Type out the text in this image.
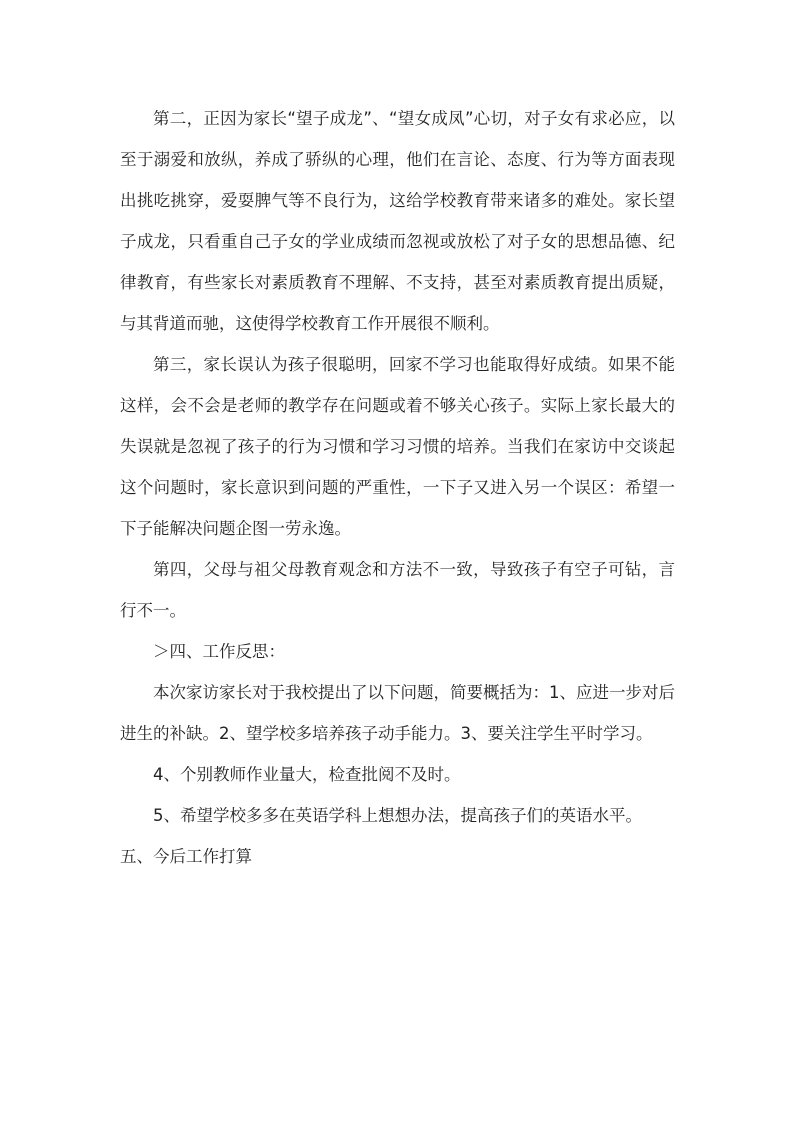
第二，正因为家长“望子成龙”、“望女成凤”心切，对子女有求必应，以至于溺爱和放纵，养成了骄纵的心理，他们在言论、态度、行为等方面表现出挑吃挑穿，爱耍脾气等不良行为，这给学校教育带来诸多的难处。家长望子成龙，只看重自己子女的学业成绩而忽视或放松了对子女的思想品德、纪律教育，有些家长对素质教育不理解、不支持，甚至对素质教育提出质疑，与其背道而驰，这使得学校教育工作开展很不顺利。

第三，家长误认为孩子很聪明，回家不学习也能取得好成绩。如果不能这样，会不会是老师的教学存在问题或着不够关心孩子。实际上家长最大的失误就是忽视了孩子的行为习惯和学习习惯的培养。当我们在家访中交谈起这个问题时，家长意识到问题的严重性，一下子又进入另一个误区：希望一下子能解决问题企图一劳永逸。

第四，父母与祖父母教育观念和方法不一致，导致孩子有空子可钻，言行不一。

＞四、工作反思：

本次家访家长对于我校提出了以下问题，简要概括为：1、应进一步对后进生的补缺。2、望学校多培养孩子动手能力。3、要关注学生平时学习。

4、个别教师作业量大，检查批阅不及时。

5、希望学校多多在英语学科上想想办法，提高孩子们的英语水平。

五、今后工作打算
